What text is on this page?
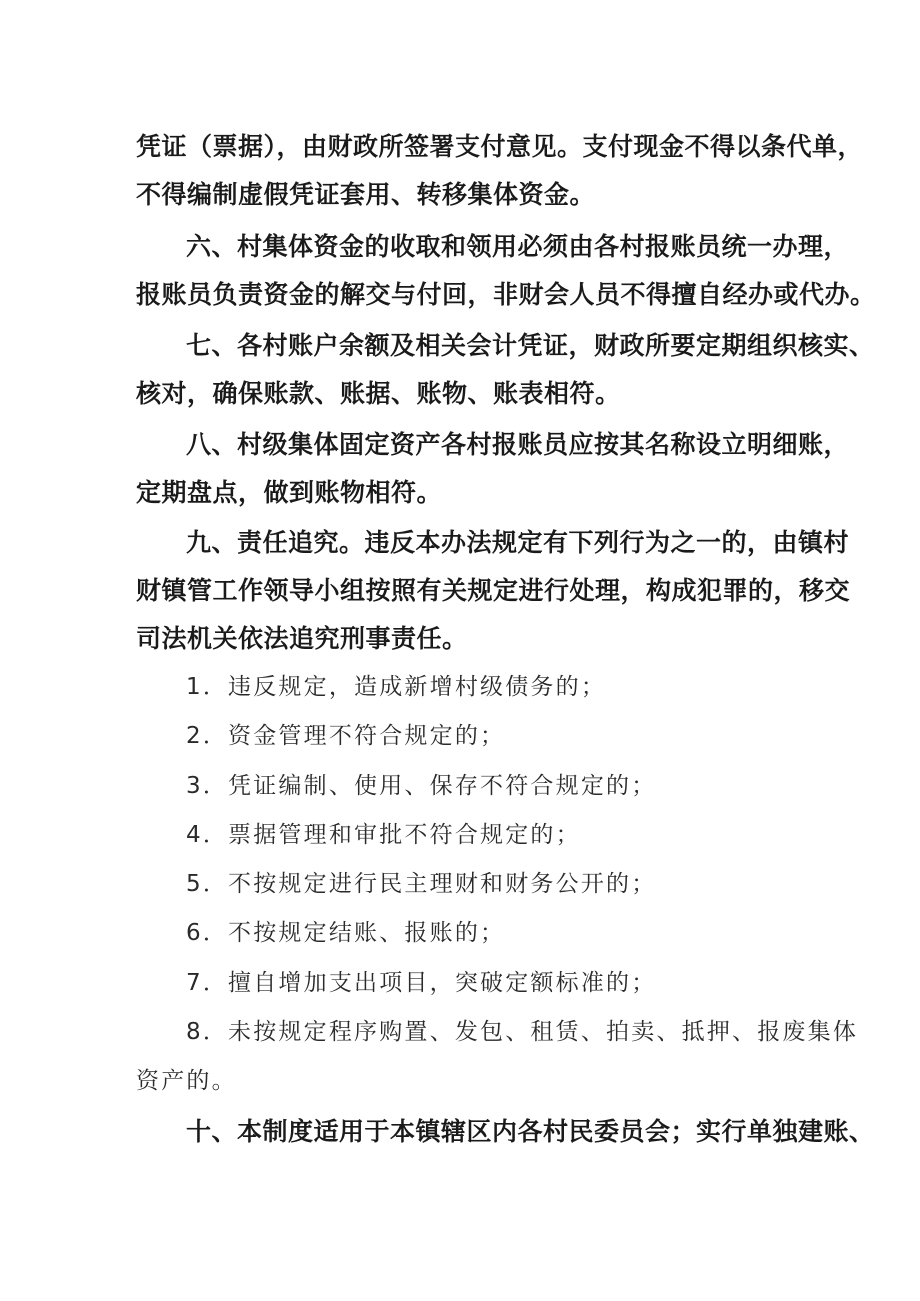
凭证（票据），由财政所签署支付意见。支付现金不得以条代单，
不得编制虚假凭证套用、转移集体资金。
六、村集体资金的收取和领用必须由各村报账员统一办理，
报账员负责资金的解交与付回，非财会人员不得擅自经办或代办。
七、各村账户余额及相关会计凭证，财政所要定期组织核实、
核对，确保账款、账据、账物、账表相符。
八、村级集体固定资产各村报账员应按其名称设立明细账，
定期盘点，做到账物相符。
九、责任追究。违反本办法规定有下列行为之一的，由镇村
财镇管工作领导小组按照有关规定进行处理，构成犯罪的，移交
司法机关依法追究刑事责任。
1．违反规定，造成新增村级债务的；
2．资金管理不符合规定的；
3．凭证编制、使用、保存不符合规定的；
4．票据管理和审批不符合规定的；
5．不按规定进行民主理财和财务公开的；
6．不按规定结账、报账的；
7．擅自增加支出项目，突破定额标准的；
8．未按规定程序购置、发包、租赁、拍卖、抵押、报废集体
资产的。
十、本制度适用于本镇辖区内各村民委员会；实行单独建账、
